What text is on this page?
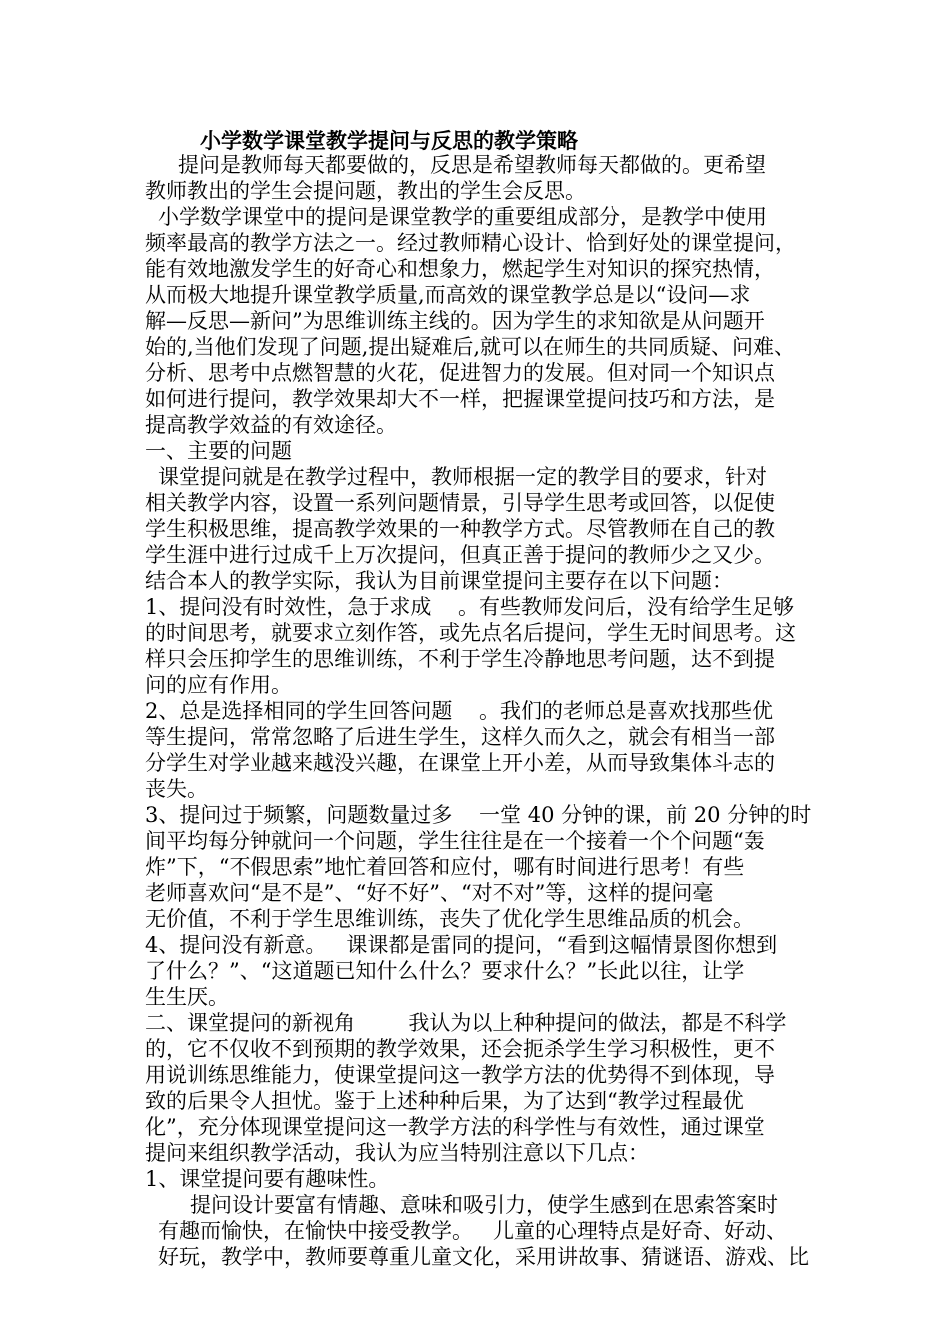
小学数学课堂教学提问与反思的教学策略
提问是教师每天都要做的，反思是希望教师每天都做的。更希望
教师教出的学生会提问题，教出的学生会反思。
小学数学课堂中的提问是课堂教学的重要组成部分，是教学中使用
频率最高的教学方法之一。经过教师精心设计、恰到好处的课堂提问，
能有效地激发学生的好奇心和想象力，燃起学生对知识的探究热情，
从而极大地提升课堂教学质量,而高效的课堂教学总是以“设问—求
解—反思—新问”为思维训练主线的。因为学生的求知欲是从问题开
始的,当他们发现了问题,提出疑难后,就可以在师生的共同质疑、问难、
分析、思考中点燃智慧的火花，促进智力的发展。但对同一个知识点
如何进行提问，教学效果却大不一样，把握课堂提问技巧和方法，是
提高教学效益的有效途径。
一、主要的问题
课堂提问就是在教学过程中，教师根据一定的教学目的要求，针对
相关教学内容，设置一系列问题情景，引导学生思考或回答，以促使
学生积极思维，提高教学效果的一种教学方式。尽管教师在自己的教
学生涯中进行过成千上万次提问，但真正善于提问的教师少之又少。
结合本人的教学实际，我认为目前课堂提问主要存在以下问题：
1、提问没有时效性，急于求成    。有些教师发问后，没有给学生足够
的时间思考，就要求立刻作答，或先点名后提问，学生无时间思考。这
样只会压抑学生的思维训练，不利于学生冷静地思考问题，达不到提
问的应有作用。
2、总是选择相同的学生回答问题    。我们的老师总是喜欢找那些优
等生提问，常常忽略了后进生学生，这样久而久之，就会有相当一部
分学生对学业越来越没兴趣，在课堂上开小差，从而导致集体斗志的
丧失。
3、提问过于频繁，问题数量过多    一堂 40 分钟的课，前 20 分钟的时
间平均每分钟就问一个问题，学生往往是在一个接着一个个问题“轰
炸”下，“不假思索”地忙着回答和应付，哪有时间进行思考！有些
老师喜欢问“是不是”、“好不好”、“对不对”等，这样的提问毫
无价值，不利于学生思维训练，丧失了优化学生思维品质的机会。
4、提问没有新意。   课课都是雷同的提问，“看到这幅情景图你想到
了什么？”、“这道题已知什么什么？要求什么？”长此以往，让学
生生厌。
二、课堂提问的新视角        我认为以上种种提问的做法，都是不科学
的，它不仅收不到预期的教学效果，还会扼杀学生学习积极性，更不
用说训练思维能力，使课堂提问这一教学方法的优势得不到体现，导
致的后果令人担忧。鉴于上述种种后果，为了达到“教学过程最优
化”，充分体现课堂提问这一教学方法的科学性与有效性，通过课堂
提问来组织教学活动，我认为应当特别注意以下几点：
1、课堂提问要有趣味性。
提问设计要富有情趣、意味和吸引力，使学生感到在思索答案时
有趣而愉快，在愉快中接受教学。   儿童的心理特点是好奇、好动、
好玩，教学中，教师要尊重儿童文化，采用讲故事、猜谜语、游戏、比
